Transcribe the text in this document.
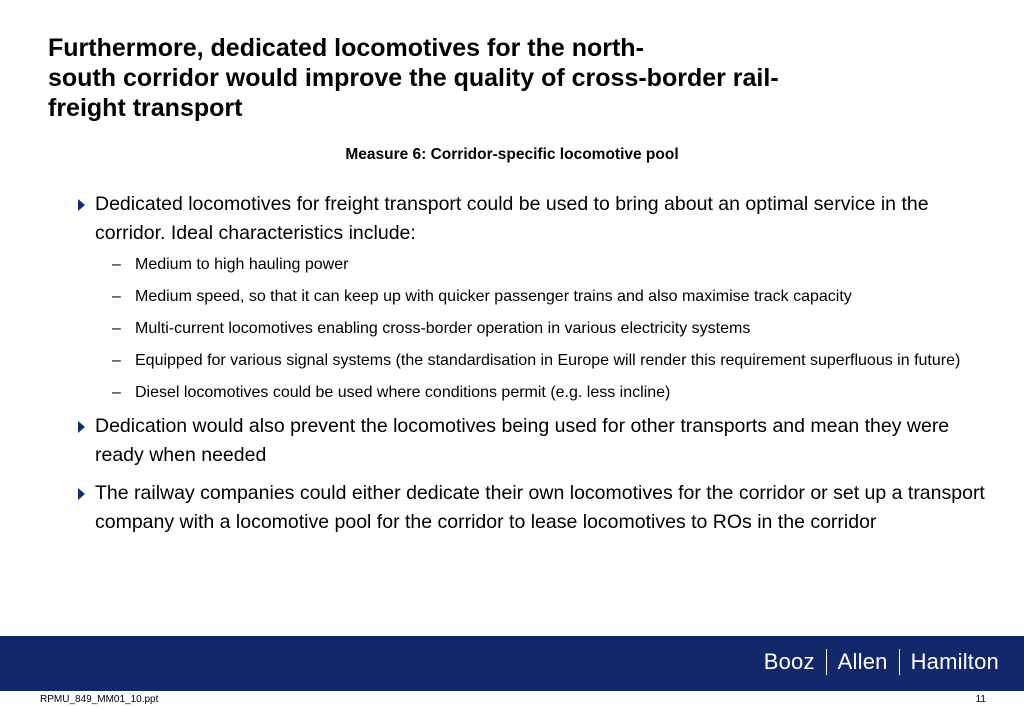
Furthermore, dedicated locomotives for the north-
south corridor would improve the quality of cross-border rail-
freight transport
Measure 6: Corridor-specific locomotive pool
Dedicated locomotives for freight transport could be used to bring about an optimal service in the corridor. Ideal characteristics include:
– Medium to high hauling power
– Medium speed, so that it can keep up with quicker passenger trains and also maximise track capacity
– Multi-current locomotives enabling cross-border operation in various electricity systems
– Equipped for various signal systems (the standardisation in Europe will render this requirement superfluous in future)
– Diesel locomotives could be used where conditions permit (e.g. less incline)
Dedication would also prevent the locomotives being used for other transports and mean they were ready when needed
The railway companies could either dedicate their own locomotives for the corridor or set up a transport company with a locomotive pool for the corridor to lease locomotives to ROs in the corridor
Booz Allen Hamilton
RPMU_849_MM01_10.ppt	11
